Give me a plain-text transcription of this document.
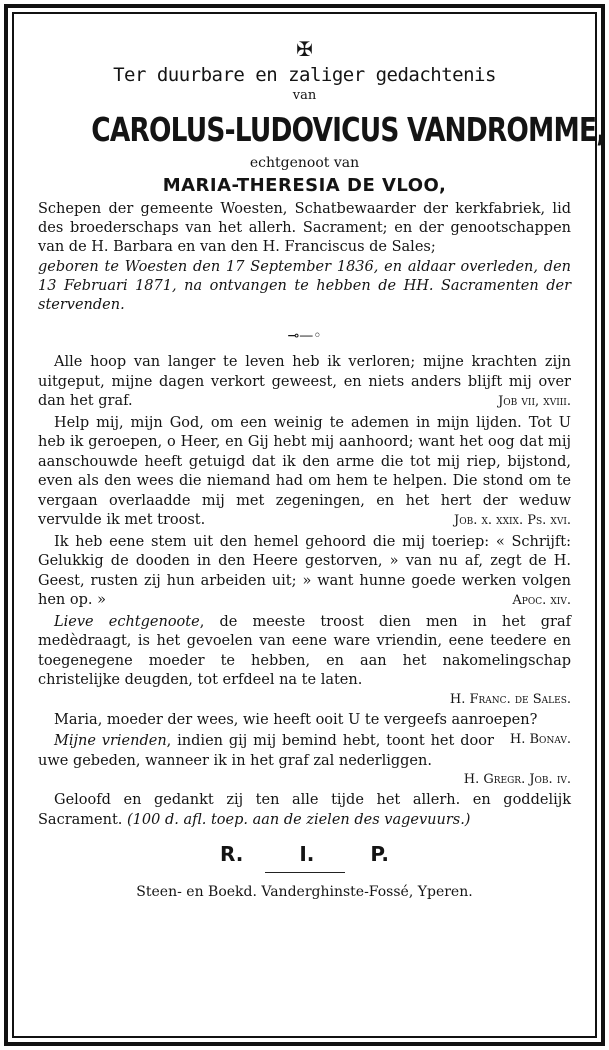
✠
Ter duurbare en zaliger gedachtenis
van
CAROLUS-LUDOVICUS VANDROMME,
echtgenoot van
MARIA-THERESIA DE VLOO,
Schepen der gemeente Woesten, Schatbewaarder der kerkfabriek, lid des broederschaps van het allerh. Sacrament; en der genootschappen van de H. Barbara en van den H. Franciscus de Sales;
geboren te Woesten den 17 September 1836, en aldaar overleden, den 13 Februari 1871, na ontvangen te hebben de HH. Sacramenten der stervenden.
⊸—◦

Alle hoop van langer te leven heb ik verloren; mijne krachten zijn uitgeput, mijne dagen verkort geweest, en niets anders blijft mij over dan het graf.	Job vii, xviii.

Help mij, mijn God, om een weinig te ademen in mijn lijden. Tot U heb ik geroepen, o Heer, en Gij hebt mij aanhoord; want het oog dat mij aanschouwde heeft getuigd dat ik den arme die tot mij riep, bijstond, even als den wees die niemand had om hem te helpen. Die stond om te vergaan overlaadde mij met zegeningen, en het hert der weduw vervulde ik met troost.	Job. x. xxix. Ps. xvi.

Ik heb eene stem uit den hemel gehoord die mij toeriep: « Schrijft: Gelukkig de dooden in den Heere gestorven, » van nu af, zegt de H. Geest, rusten zij hun arbeiden uit; » want hunne goede werken volgen hen op. »	Apoc. xiv.

Lieve echtgenoote, de meeste troost dien men in het graf medèdraagt, is het gevoelen van eene ware vriendin, eene teedere en toegenegene moeder te hebben, en aan het nakomelingschap christelijke deugden, tot erfdeel na te laten.
H. Franc. de Sales.

Maria, moeder der wees, wie heeft ooit U te vergeefs aanroepen?
H. Bonav.

Mijne vrienden, indien gij mij bemind hebt, toont het door uwe gebeden, wanneer ik in het graf zal nederliggen.
H. Gregr. Job. iv.

Geloofd en gedankt zij ten alle tijde het allerh. en goddelijk Sacrament. (100 d. afl. toep. aan de zielen des vagevuurs.)

R.	I.	P.
Steen- en Boekd. Vanderghinste-Fossé, Yperen.
